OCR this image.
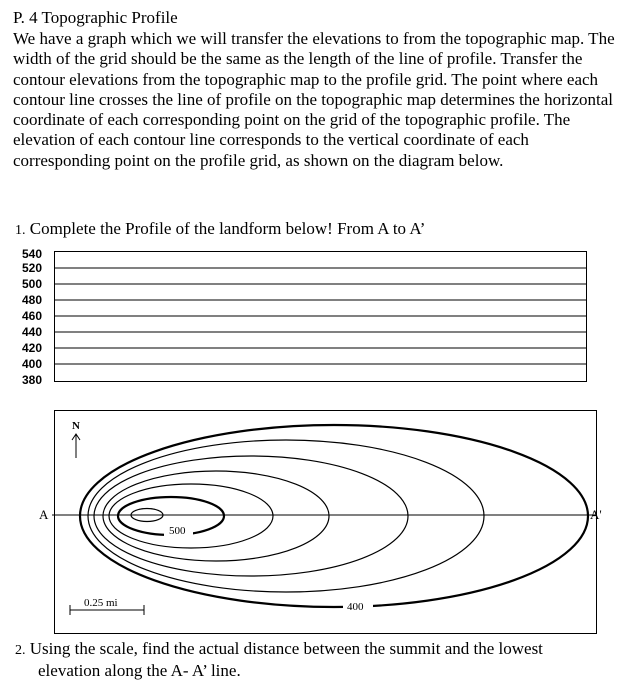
P. 4 Topographic Profile
We have a graph which we will transfer the elevations to from the topographic map. The width of the grid should be the same as the length of the line of profile. Transfer the contour elevations from the topographic map to the profile grid. The point where each contour line crosses the line of profile on the topographic map determines the horizontal coordinate of each corresponding point on the grid of the topographic profile. The elevation of each contour line corresponds to the vertical coordinate of each corresponding point on the profile grid, as shown on the diagram below.
1. Complete the Profile of the landform below! From A to A’
540
520
500
480
460
440
420
400
380
500
400
A	A'
N
0.25 mi
2. Using the scale, find the actual distance between the summit and the lowest
elevation along the A- A’ line.
